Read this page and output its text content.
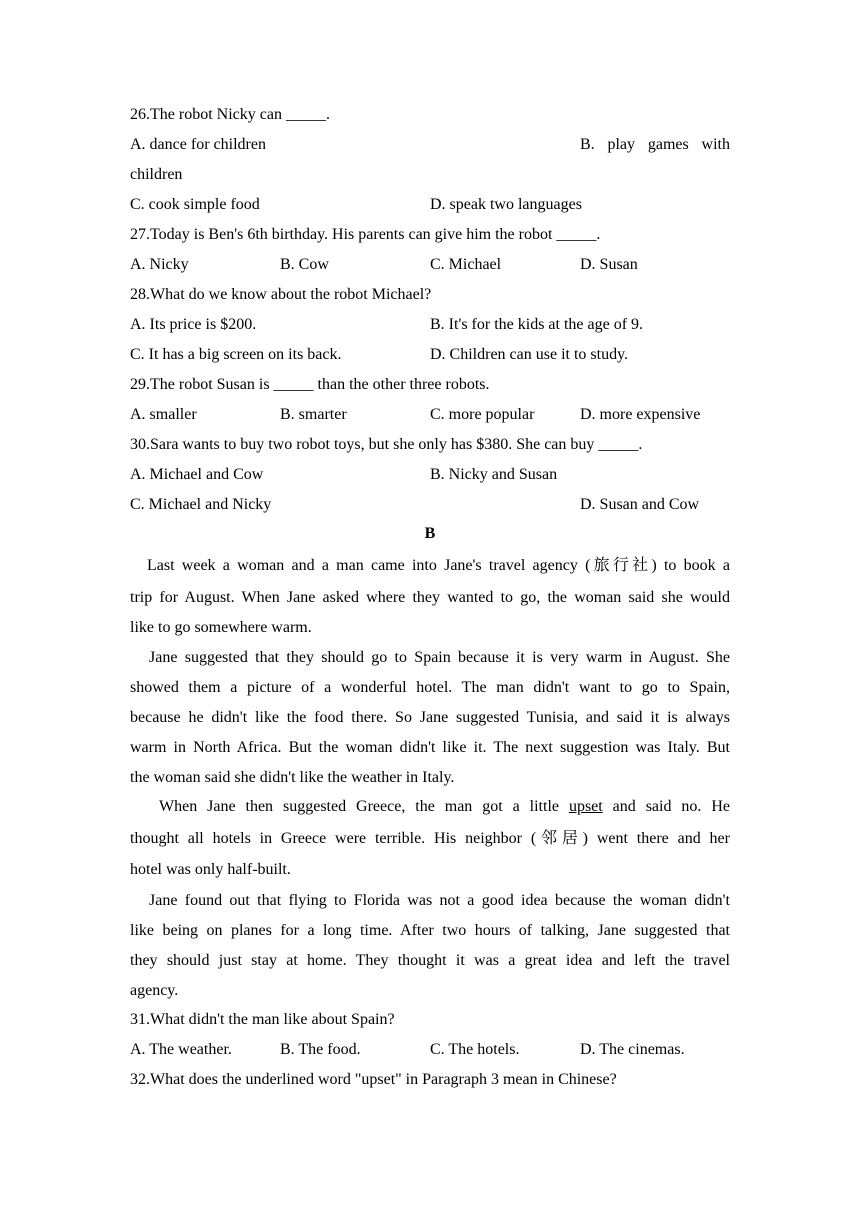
26.The robot Nicky can _____.
A. dance for children	B. play games with
children
C. cook simple food	D. speak two languages
27.Today is Ben's 6th birthday. His parents can give him the robot _____.
A. Nicky	B. Cow	C. Michael	D. Susan
28.What do we know about the robot Michael?
A. Its price is $200.	B. It's for the kids at the age of 9.
C. It has a big screen on its back.	D. Children can use it to study.
29.The robot Susan is _____ than the other three robots.
A. smaller	B. smarter	C. more popular	D. more expensive
30.Sara wants to buy two robot toys, but she only has $380. She can buy _____.
A. Michael and Cow	B. Nicky and Susan
C. Michael and Nicky	D. Susan and Cow
B
Last week a woman and a man came into Jane's travel agency (旅行社) to book a
trip for August. When Jane asked where they wanted to go, the woman said she would
like to go somewhere warm.
Jane suggested that they should go to Spain because it is very warm in August. She
showed them a picture of a wonderful hotel. The man didn't want to go to Spain,
because he didn't like the food there. So Jane suggested Tunisia, and said it is always
warm in North Africa. But the woman didn't like it. The next suggestion was Italy. But
the woman said she didn't like the weather in Italy.
When Jane then suggested Greece, the man got a little upset and said no. He
thought all hotels in Greece were terrible. His neighbor (邻居) went there and her
hotel was only half-built.
Jane found out that flying to Florida was not a good idea because the woman didn't
like being on planes for a long time. After two hours of talking, Jane suggested that
they should just stay at home. They thought it was a great idea and left the travel
agency.
31.What didn't the man like about Spain?
A. The weather.	B. The food.	C. The hotels.	D. The cinemas.
32.What does the underlined word "upset" in Paragraph 3 mean in Chinese?
